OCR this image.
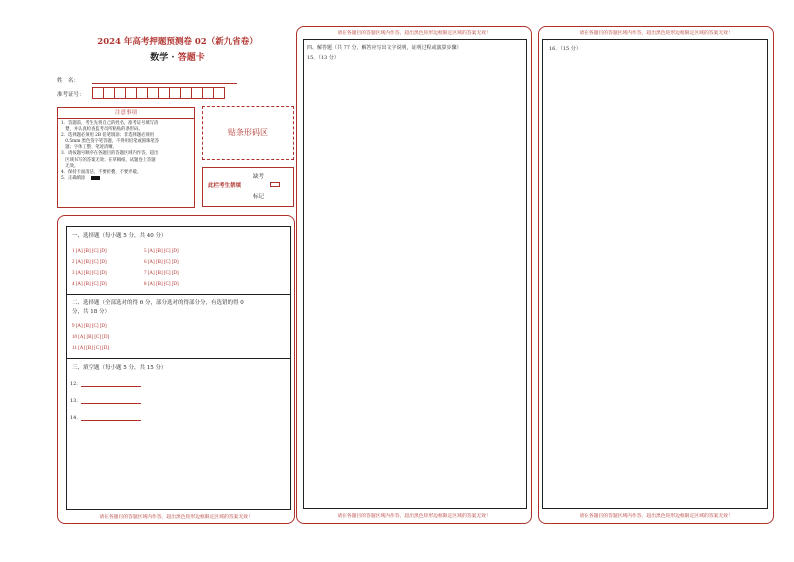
2024 年高考押题预测卷 02（新九省卷）
数学 · 答题卡
姓　名：
准考证号：
注意事项
1．答题前，考生先将自己的姓名，准考证号填写清
　楚，并认真检查监考员所粘贴的条形码。
2．选择题必须用 2B 铅笔填涂；非选择题必须用
　0.5mm 黑色签字笔答题，不得用铅笔或圆珠笔答
　题；字体工整、笔迹清晰。
3．请按题号顺序在各题目的答题区域内作答，超出
　区域书写的答案无效；在草稿纸、试题卷上答题
　无效。
4．保持卡面清洁，不要折叠、不要弄破。
5．正确填涂
贴条形码区
缺考
此栏考生禁填
标记
一、选择题（每小题 5 分，共 40 分）
1 [A] [B] [C] [D]	5 [A] [B] [C] [D]
2 [A] [B] [C] [D]	6 [A] [B] [C] [D]
3 [A] [B] [C] [D]	7 [A] [B] [C] [D]
4 [A] [B] [C] [D]	8 [A] [B] [C] [D]
二、选择题（全部选对的得 6 分，部分选对的得部分分，有选错的得 0
分，共 18 分）
9 [A] [B] [C] [D]
10 [A] [B] [C] [D]
11 [A] [B] [C] [D]
三、填空题（每小题 5 分，共 15 分）
12．
13．
14．
请在各题目的答题区域内作答，超出黑色矩形边框限定区域的答案无效！
请在各题目的答题区域内作答，超出黑色矩形边框限定区域的答案无效！
四、解答题（共 77 分，解答应写出文字说明，证明过程或演算步骤）
15．（13 分）
请在各题目的答题区域内作答，超出黑色矩形边框限定区域的答案无效！
请在各题目的答题区域内作答，超出黑色矩形边框限定区域的答案无效！
16．（15 分）
请在各题目的答题区域内作答，超出黑色矩形边框限定区域的答案无效！
